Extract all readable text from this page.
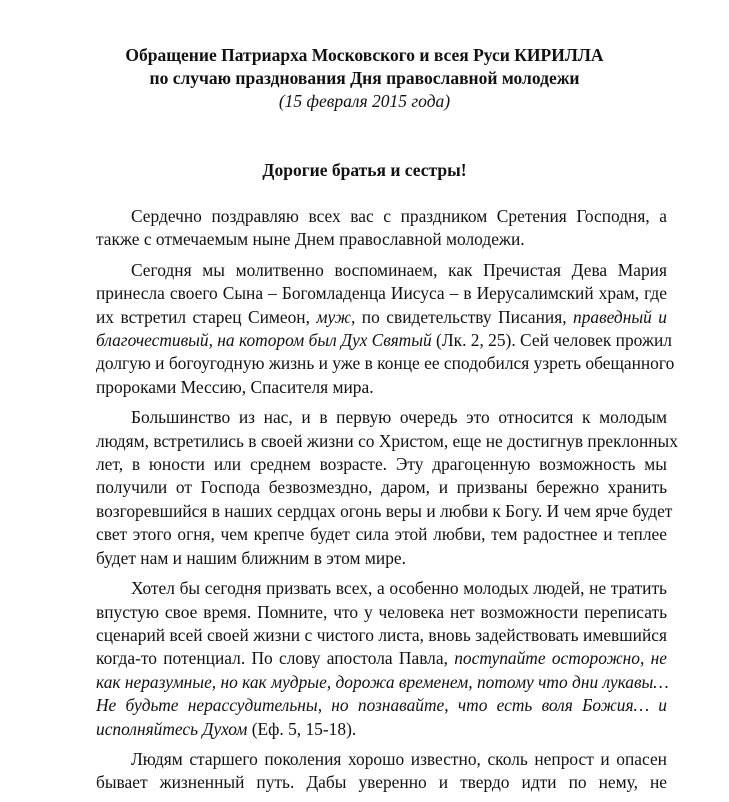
Обращение Патриарха Московского и всея Руси КИРИЛЛА
по случаю празднования Дня православной молодежи
(15 февраля 2015 года)
Дорогие братья и сестры!
Сердечно поздравляю всех вас с праздником Сретения Господня, а
также с отмечаемым ныне Днем православной молодежи.
Сегодня мы молитвенно воспоминаем, как Пречистая Дева Мария
принесла своего Сына – Богомладенца Иисуса – в Иерусалимский храм, где
их встретил старец Симеон, муж, по свидетельству Писания, праведный и
благочестивый, на котором был Дух Святый (Лк. 2, 25). Сей человек прожил
долгую и богоугодную жизнь и уже в конце ее сподобился узреть обещанного
пророками Мессию, Спасителя мира.
Большинство из нас, и в первую очередь это относится к молодым
людям, встретились в своей жизни со Христом, еще не достигнув преклонных
лет, в юности или среднем возрасте. Эту драгоценную возможность мы
получили от Господа безвозмездно, даром, и призваны бережно хранить
возгоревшийся в наших сердцах огонь веры и любви к Богу. И чем ярче будет
свет этого огня, чем крепче будет сила этой любви, тем радостнее и теплее
будет нам и нашим ближним в этом мире.
Хотел бы сегодня призвать всех, а особенно молодых людей, не тратить
впустую свое время. Помните, что у человека нет возможности переписать
сценарий всей своей жизни с чистого листа, вновь задействовать имевшийся
когда-то потенциал. По слову апостола Павла, поступайте осторожно, не
как неразумные, но как мудрые, дорожа временем, потому что дни лукавы…
Не будьте нерассудительны, но познавайте, что есть воля Божия… и
исполняйтесь Духом (Еф. 5, 15-18).
Людям старшего поколения хорошо известно, сколь непрост и опасен
бывает жизненный путь. Дабы уверенно и твердо идти по нему, не
